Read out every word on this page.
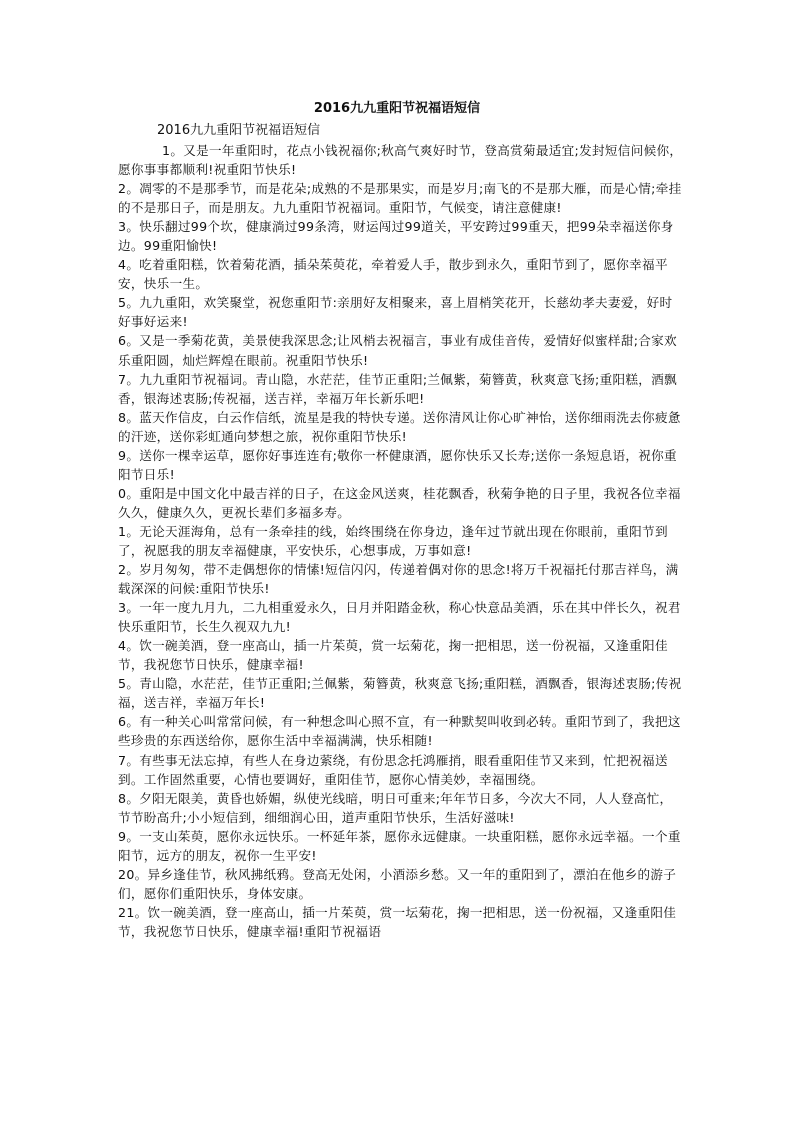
2016九九重阳节祝福语短信
2016九九重阳节祝福语短信

1。又是一年重阳时，花点小钱祝福你;秋高气爽好时节，登高赏菊最适宜;发封短信问候你，愿你事事都顺利!祝重阳节快乐!

2。凋零的不是那季节，而是花朵;成熟的不是那果实，而是岁月;南飞的不是那大雁，而是心情;牵挂的不是那日子，而是朋友。九九重阳节祝福词。重阳节，气候变，请注意健康!

3。快乐翻过99个坎，健康淌过99条湾，财运闯过99道关，平安跨过99重天，把99朵幸福送你身边。99重阳愉快!

4。吃着重阳糕，饮着菊花酒，插朵茱萸花，牵着爱人手，散步到永久，重阳节到了，愿你幸福平安，快乐一生。

5。九九重阳，欢笑聚堂，祝您重阳节:亲朋好友相聚来，喜上眉梢笑花开，长慈幼孝夫妻爱，好时好事好运来!

6。又是一季菊花黄，美景使我深思念;让风梢去祝福言，事业有成佳音传，爱情好似蜜样甜;合家欢乐重阳圆，灿烂辉煌在眼前。祝重阳节快乐!

7。九九重阳节祝福词。青山隐，水茫茫，佳节正重阳;兰佩紫，菊簪黄，秋爽意飞扬;重阳糕，酒飘香，银海述衷肠;传祝福，送吉祥，幸福万年长新乐吧!

8。蓝天作信皮，白云作信纸，流星是我的特快专递。送你清风让你心旷神怡，送你细雨洗去你疲惫的汗迹，送你彩虹通向梦想之旅，祝你重阳节快乐!

9。送你一棵幸运草，愿你好事连连有;敬你一杯健康酒，愿你快乐又长寿;送你一条短息语，祝你重阳节日乐!

0。重阳是中国文化中最吉祥的日子，在这金风送爽，桂花飘香，秋菊争艳的日子里，我祝各位幸福久久，健康久久，更祝长辈们多福多寿。

1。无论天涯海角，总有一条牵挂的线，始终围绕在你身边，逢年过节就出现在你眼前，重阳节到了，祝愿我的朋友幸福健康，平安快乐，心想事成，万事如意!

2。岁月匆匆，带不走偶想你的情愫!短信闪闪，传递着偶对你的思念!将万千祝福托付那吉祥鸟，满载深深的问候:重阳节快乐!

3。一年一度九月九，二九相重爱永久，日月并阳踏金秋，称心快意品美酒，乐在其中伴长久，祝君快乐重阳节，长生久视双九九!

4。饮一碗美酒，登一座高山，插一片茱萸，赏一坛菊花，掬一把相思，送一份祝福，又逢重阳佳节，我祝您节日快乐，健康幸福!

5。青山隐，水茫茫，佳节正重阳;兰佩紫，菊簪黄，秋爽意飞扬;重阳糕，酒飘香，银海述衷肠;传祝福，送吉祥，幸福万年长!

6。有一种关心叫常常问候，有一种想念叫心照不宣，有一种默契叫收到必转。重阳节到了，我把这些珍贵的东西送给你，愿你生活中幸福满满，快乐相随!

7。有些事无法忘掉，有些人在身边萦绕，有份思念托鸿雁捎，眼看重阳佳节又来到，忙把祝福送到。工作固然重要，心情也要调好，重阳佳节，愿你心情美妙，幸福围绕。

8。夕阳无限美，黄昏也娇媚，纵使光线暗，明日可重来;年年节日多，今次大不同，人人登高忙，节节盼高升;小小短信到，细细润心田，道声重阳节快乐，生活好滋味!

9。一支山茱萸，愿你永远快乐。一杯延年茶，愿你永远健康。一块重阳糕，愿你永远幸福。一个重阳节，远方的朋友，祝你一生平安!

20。异乡逢佳节，秋风拂纸鸦。登高无处闲，小酒添乡愁。又一年的重阳到了，漂泊在他乡的游子们，愿你们重阳快乐，身体安康。

21。饮一碗美酒，登一座高山，插一片茱萸，赏一坛菊花，掬一把相思，送一份祝福，又逢重阳佳节，我祝您节日快乐，健康幸福!重阳节祝福语
